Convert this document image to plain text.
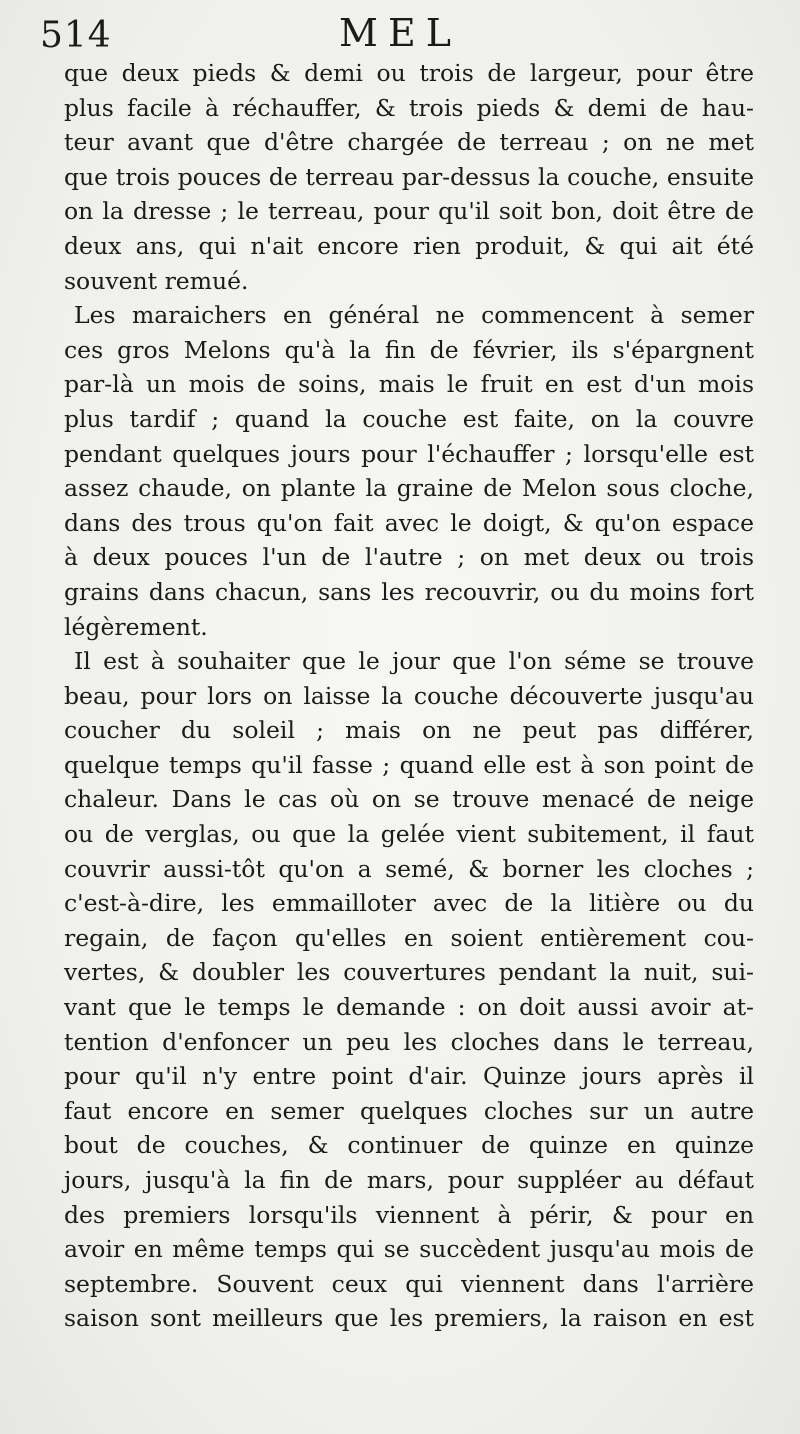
514	MEL
que deux pieds & demi ou trois de largeur, pour être
plus facile à réchauffer, & trois pieds & demi de hau-
teur avant que d'être chargée de terreau ; on ne met
que trois pouces de terreau par-dessus la couche, ensuite
on la dresse ; le terreau, pour qu'il soit bon, doit être de
deux ans, qui n'ait encore rien produit, & qui ait été
souvent remué.
Les maraichers en général ne commencent à semer
ces gros Melons qu'à la fin de février, ils s'épargnent
par-là un mois de soins, mais le fruit en est d'un mois
plus tardif ; quand la couche est faite, on la couvre
pendant quelques jours pour l'échauffer ; lorsqu'elle est
assez chaude, on plante la graine de Melon sous cloche,
dans des trous qu'on fait avec le doigt, & qu'on espace
à deux pouces l'un de l'autre ; on met deux ou trois
grains dans chacun, sans les recouvrir, ou du moins fort
légèrement.
Il est à souhaiter que le jour que l'on séme se trouve
beau, pour lors on laisse la couche découverte jusqu'au
coucher du soleil ; mais on ne peut pas différer,
quelque temps qu'il fasse ; quand elle est à son point de
chaleur. Dans le cas où on se trouve menacé de neige
ou de verglas, ou que la gelée vient subitement, il faut
couvrir aussi-tôt qu'on a semé, & borner les cloches ;
c'est-à-dire, les emmailloter avec de la litière ou du
regain, de façon qu'elles en soient entièrement cou-
vertes, & doubler les couvertures pendant la nuit, sui-
vant que le temps le demande : on doit aussi avoir at-
tention d'enfoncer un peu les cloches dans le terreau,
pour qu'il n'y entre point d'air. Quinze jours après il
faut encore en semer quelques cloches sur un autre
bout de couches, & continuer de quinze en quinze
jours, jusqu'à la fin de mars, pour suppléer au défaut
des premiers lorsqu'ils viennent à périr, & pour en
avoir en même temps qui se succèdent jusqu'au mois de
septembre. Souvent ceux qui viennent dans l'arrière
saison sont meilleurs que les premiers, la raison en est
